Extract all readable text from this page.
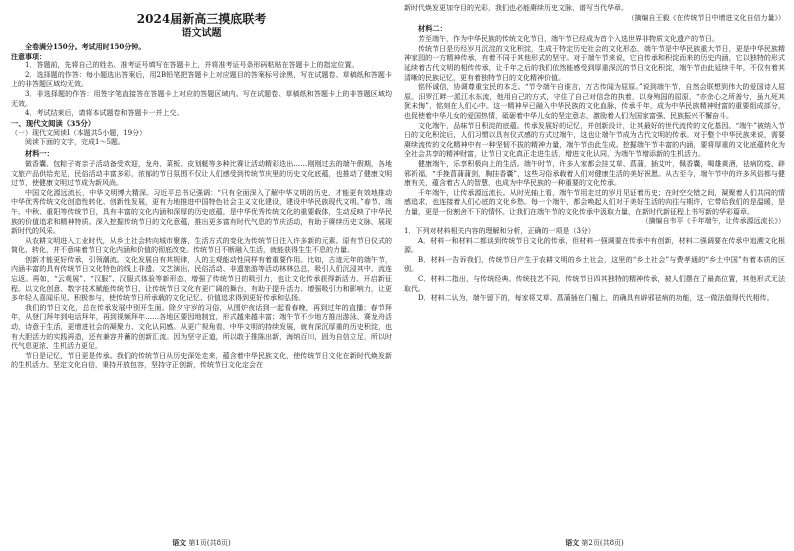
2024届新高三摸底联考
语文试题

全卷满分150分。考试用时150分钟。

注意事项：

1．答题前，先将自己的姓名、准考证号填写在答题卡上，并将准考证号条形码粘贴在答题卡上的指定位置。

2．选择题的作答：每小题选出答案后，用2B铅笔把答题卡上对应题目的答案标号涂黑，写在试题卷、草稿纸和答题卡上的非答题区域均无效。

3．非选择题的作答：用签字笔直接答在答题卡上对应的答题区域内。写在试题卷、草稿纸和答题卡上的非答题区域均无效。

4．考试结束后，请将本试题卷和答题卡一并上交。

一、现代文阅读（35分）

（一）现代文阅读Ⅰ（本题共5小题，19分）

阅读下面的文字，完成1～5题。

材料一：

做香囊、包粽子寄亲子活动备受欢迎，龙舟、菜板、皮划艇等多种比赛让活动精彩迭出……刚刚过去的端午假期，各地文旅产品供给充足，民俗活动丰富多彩，浓郁的节日氛围不仅让人们感受到传统节庆里的历史文化底蕴，也推动了健康文明过节，使健康文明过节成为新风尚。

中国文化源远流长，中华文明博大精深。习近平总书记强调：“只有全面深入了解中华文明的历史，才能更有效地推动中华优秀传统文化创造性转化、创新性发展，更有力地推进中国特色社会主义文化建设，建设中华民族现代文明。”春节、端午、中秋、重阳等传统节日，具有丰富的文化内涵和深厚的历史底蕴，是中华优秀传统文化的重要载体，生动反映了中华民族的价值追求和精神特质。深入挖掘传统节日的文化意蕴，推出更多富有时代气息的节庆活动，有助于赓续历史文脉，展现新时代的风采。

从农耕文明进入工业时代，从乡土社会转向城市聚落，生活方式的变化为传统节日注入许多新的元素。原有节日仪式的简化、转化，并不意味着节日文化内涵和价值的彻底改变。传统节日不断融入生活，就能获得生生不息的力量。

创新才能更好传承，引领潮流。文化发展自有其规律，人的主观能动性同样有着重要作用。比如，古迹元年的端午节，内涵丰富的具有传统节日文化特色的线上非遗、文艺演出，民俗活动、非遗旅游等活动林林总总，吸引人们沉浸其中、流连忘返。再如，“云观展”、“汉服”、汉服式体验等新形态，增强了传统节日的吸引力，也让文化传承获得新活力、开启新征程。以文化创意、数字技术赋能传统节日，让传统节日文化有更广阔的舞台，有助于提升活力、增强吸引力和影响力，让更多年轻人喜闻乐见、积极参与，使传统节日所承载的文化记忆、价值追求得到更好传承和弘扬。

我们的节日文化，总在传承发展中别开生面。除夕守岁的习俗，从围炉夜话到一起看春晚，再到过年的直播；春节拜年，从登门拜年到电话拜年，再到视频拜年……各地区要因地制宜，形式越来越丰富；端午节不少地方推出游泳、赛龙舟活动，诗意于生活，更增进社会的凝聚力、文化认同感。从更广视角看，中华文明的持续发展，就有深沉厚重的历史积淀，也有大胆活力的实践再造，还有兼容并蓄的创新汇流。因为坚守正道，所以敢于推陈出新，海纳百川，固为自信立足，所以时代气息更浓、生机活力更足。

节日是记忆，节日更是传承。我们的传统节日从历史深处走来，蕴含着中华民族文化，使传统节日文化在新时代焕发新的生机活力。坚定文化自信，秉持开放包容，坚持守正创新，传统节日文化定会在

语文 第1页(共8页)

新时代焕发更加夺目的光彩，我们也必能赓续历史文脉，谱写当代华章。

（摘编自王毅《在传统节日中增进文化自信力量》）

材料二：

芳至端午，作为中华民族的传统文化节日，端午节已经成为首个入选世界非物质文化遗产的节日。

传统节日是历经岁月沉淀的文化积淀，生成于特定历史社会的文化形态，端午节是中华民族重大节日，更是中华民族精神家园的一方精神传承，有着不同于其他形式的坚守。对于端午节来说，它自传承和积淀而来的历史内涵，它以独特的形式延续着古代文明的相传传承，让千年之后的我们依然能感受到厚重深沉的节日文化积淀，端午节由此延续千年，不仅有着其清晰的民族记忆，更有着独特节日的文化精神价值。

铭怀诚信，协调尊重宝民的本乏。“节令端午自谁言，万古传闻为屈原。”说到端午节，自然会联想到伟大的爱国诗人屈原。汨罗江畔一派江水东流，他用自己的方式，守住了自己对信念的执着，以身殉国的屈原，“亦余心之所善兮，虽九死其犹未悔”，铭刻在人们心中。这一精神早已融入中华民族的文化血脉，传承千年，成为中华民族精神财富的重要组成部分，也促使着中华儿女的爱国热情，砥砺着中华儿女的坚定意志，激励着人们为国家富强、民族振兴不懈奋斗。

文化端午，品味节日积淀的底蕴。传承发展好的记忆，并创新设计，让其最好的世代流传的文化基因。“端午”被纳入节日的文化积淀后，人们习惯以具有仪式感的方式过端午，这也让端午节成为古代文明的传承。对于整个中华民族来说，需要赓续流传的文化精神中有一种坚韧不拔的精神力量，端午节由此生成。挖掘端午节丰富的内涵，要将厚重的文化底蕴转化为全社会共享的精神财富，让节日文化真正走进生活，增进文化认同，为端午节增添新的生机活力。

健康端午，乐享积极向上的生活。端午时节，许多人家都会挂艾草、菖蒲，插艾叶，佩香囊，喝雄黄酒，祛病防疫，辟邪祈福，“手挽菖蒲蒲剑，胸挂香囊”，这些习俗承载着人们对健康生活的美好祝愿。从古至今，端午节中的许多风俗都与健康有关，蕴含着古人的智慧，也成为中华民族的一种重要的文化传承。

千年端午，让传承源远流长。从时光轴上看，端午节用走过的岁月见证着历史；在时空交错之间，凝聚着人们共同的情感追求，也连接着人们心底的文化乡愁。每一个端午，都会唤起人们对于美好生活的向往与期许，它带给我们的是温暖，是力量，更是一份割舍不下的情怀。让我们在端午节的文化传承中汲取力量，在新时代新征程上书写新的华彩篇章。

（摘编自韦平《千年端午，让传承源远流长》）

1．下列对材料相关内容的理解和分析，正确的一项是（3分）

A．材料一和材料二都谈到传统节日文化的传承，但材料一强调要在传承中有创新，材料二强调要在传承中追溯文化根源。

B．材料一告诉我们，传统节日产生于农耕文明的乡土社会，这里的“乡土社会”与费孝通的“乡土中国”有着本质的区别。

C．材料二指出，与传统经典、传统技艺不同，传统节日四其独特的精神传承，被人们摆在了最高位置，其他形式无法取代。

D．材料二认为，端午留下的，每家将艾草、菖蒲插在门楣上，的确具有辟邪祛病的功能，这一做法值得代代相传。

语文 第2页(共8页)
